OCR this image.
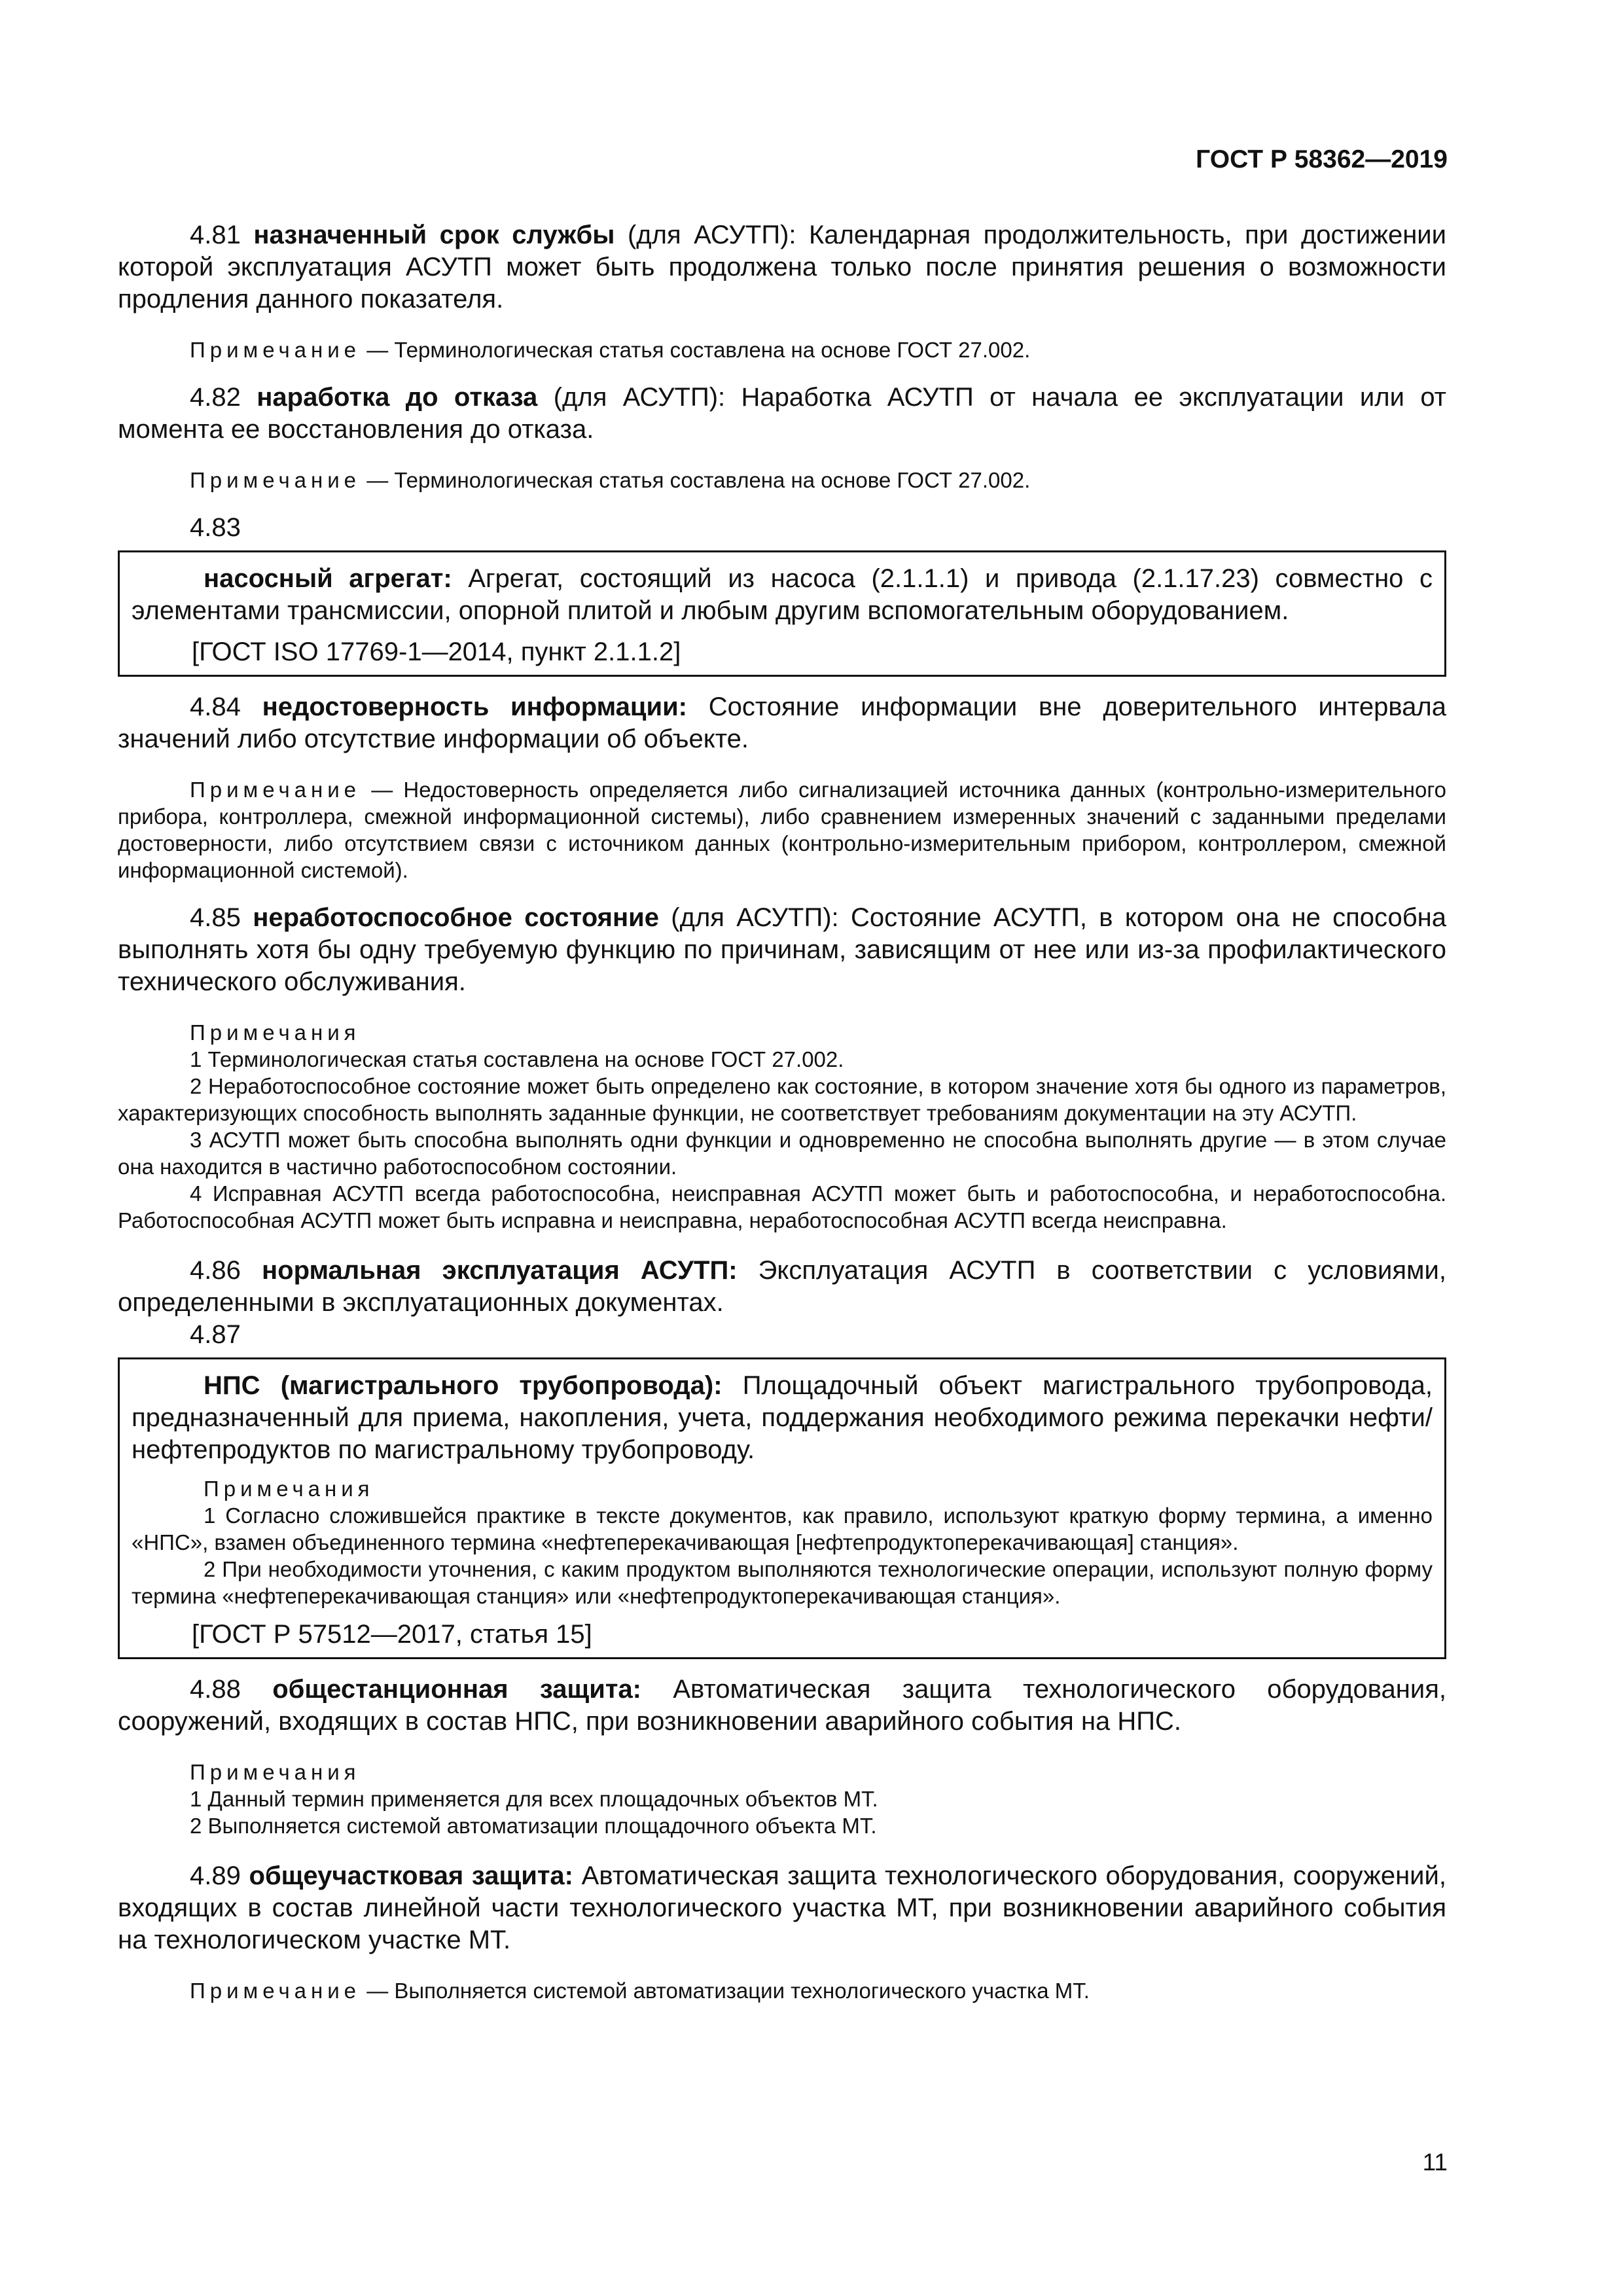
ГОСТ Р 58362—2019

4.81 назначенный срок службы (для АСУТП): Календарная продолжительность, при достижении которой эксплуатация АСУТП может быть продолжена только после принятия решения о возможности продления данного показателя.

Примечание — Терминологическая статья составлена на основе ГОСТ 27.002.

4.82 наработка до отказа (для АСУТП): Наработка АСУТП от начала ее эксплуатации или от момента ее восстановления до отказа.

Примечание — Терминологическая статья составлена на основе ГОСТ 27.002.

4.83

насосный агрегат: Агрегат, состоящий из насоса (2.1.1.1) и привода (2.1.17.23) совместно с элементами трансмиссии, опорной плитой и любым другим вспомогательным оборудованием.

[ГОСТ ISO 17769-1—2014, пункт 2.1.1.2]

4.84 недостоверность информации: Состояние информации вне доверительного интервала значений либо отсутствие информации об объекте.

Примечание — Недостоверность определяется либо сигнализацией источника данных (контрольно-измерительного прибора, контроллера, смежной информационной системы), либо сравнением измеренных значений с заданными пределами достоверности, либо отсутствием связи с источником данных (контрольно-измерительным прибором, контроллером, смежной информационной системой).

4.85 неработоспособное состояние (для АСУТП): Состояние АСУТП, в котором она не способна выполнять хотя бы одну требуемую функцию по причинам, зависящим от нее или из-за профилактического технического обслуживания.

Примечания

1 Терминологическая статья составлена на основе ГОСТ 27.002.

2 Неработоспособное состояние может быть определено как состояние, в котором значение хотя бы одного из параметров, характеризующих способность выполнять заданные функции, не соответствует требованиям документации на эту АСУТП.

3 АСУТП может быть способна выполнять одни функции и одновременно не способна выполнять другие — в этом случае она находится в частично работоспособном состоянии.

4 Исправная АСУТП всегда работоспособна, неисправная АСУТП может быть и работоспособна, и неработоспособна. Работоспособная АСУТП может быть исправна и неисправна, неработоспособная АСУТП всегда неисправна.

4.86 нормальная эксплуатация АСУТП: Эксплуатация АСУТП в соответствии с условиями, определенными в эксплуатационных документах.

4.87

НПС (магистрального трубопровода): Площадочный объект магистрального трубопровода, предназначенный для приема, накопления, учета, поддержания необходимого режима перекачки нефти/нефтепродуктов по магистральному трубопроводу.

Примечания

1 Согласно сложившейся практике в тексте документов, как правило, используют краткую форму термина, а именно «НПС», взамен объединенного термина «нефтеперекачивающая [нефтепродуктоперекачивающая] станция».

2 При необходимости уточнения, с каким продуктом выполняются технологические операции, используют полную форму термина «нефтеперекачивающая станция» или «нефтепродуктоперекачивающая станция».

[ГОСТ Р 57512—2017, статья 15]

4.88 общестанционная защита: Автоматическая защита технологического оборудования, сооружений, входящих в состав НПС, при возникновении аварийного события на НПС.

Примечания

1 Данный термин применяется для всех площадочных объектов МТ.

2 Выполняется системой автоматизации площадочного объекта МТ.

4.89 общеучастковая защита: Автоматическая защита технологического оборудования, сооружений, входящих в состав линейной части технологического участка МТ, при возникновении аварийного события на технологическом участке МТ.

Примечание — Выполняется системой автоматизации технологического участка МТ.

11
